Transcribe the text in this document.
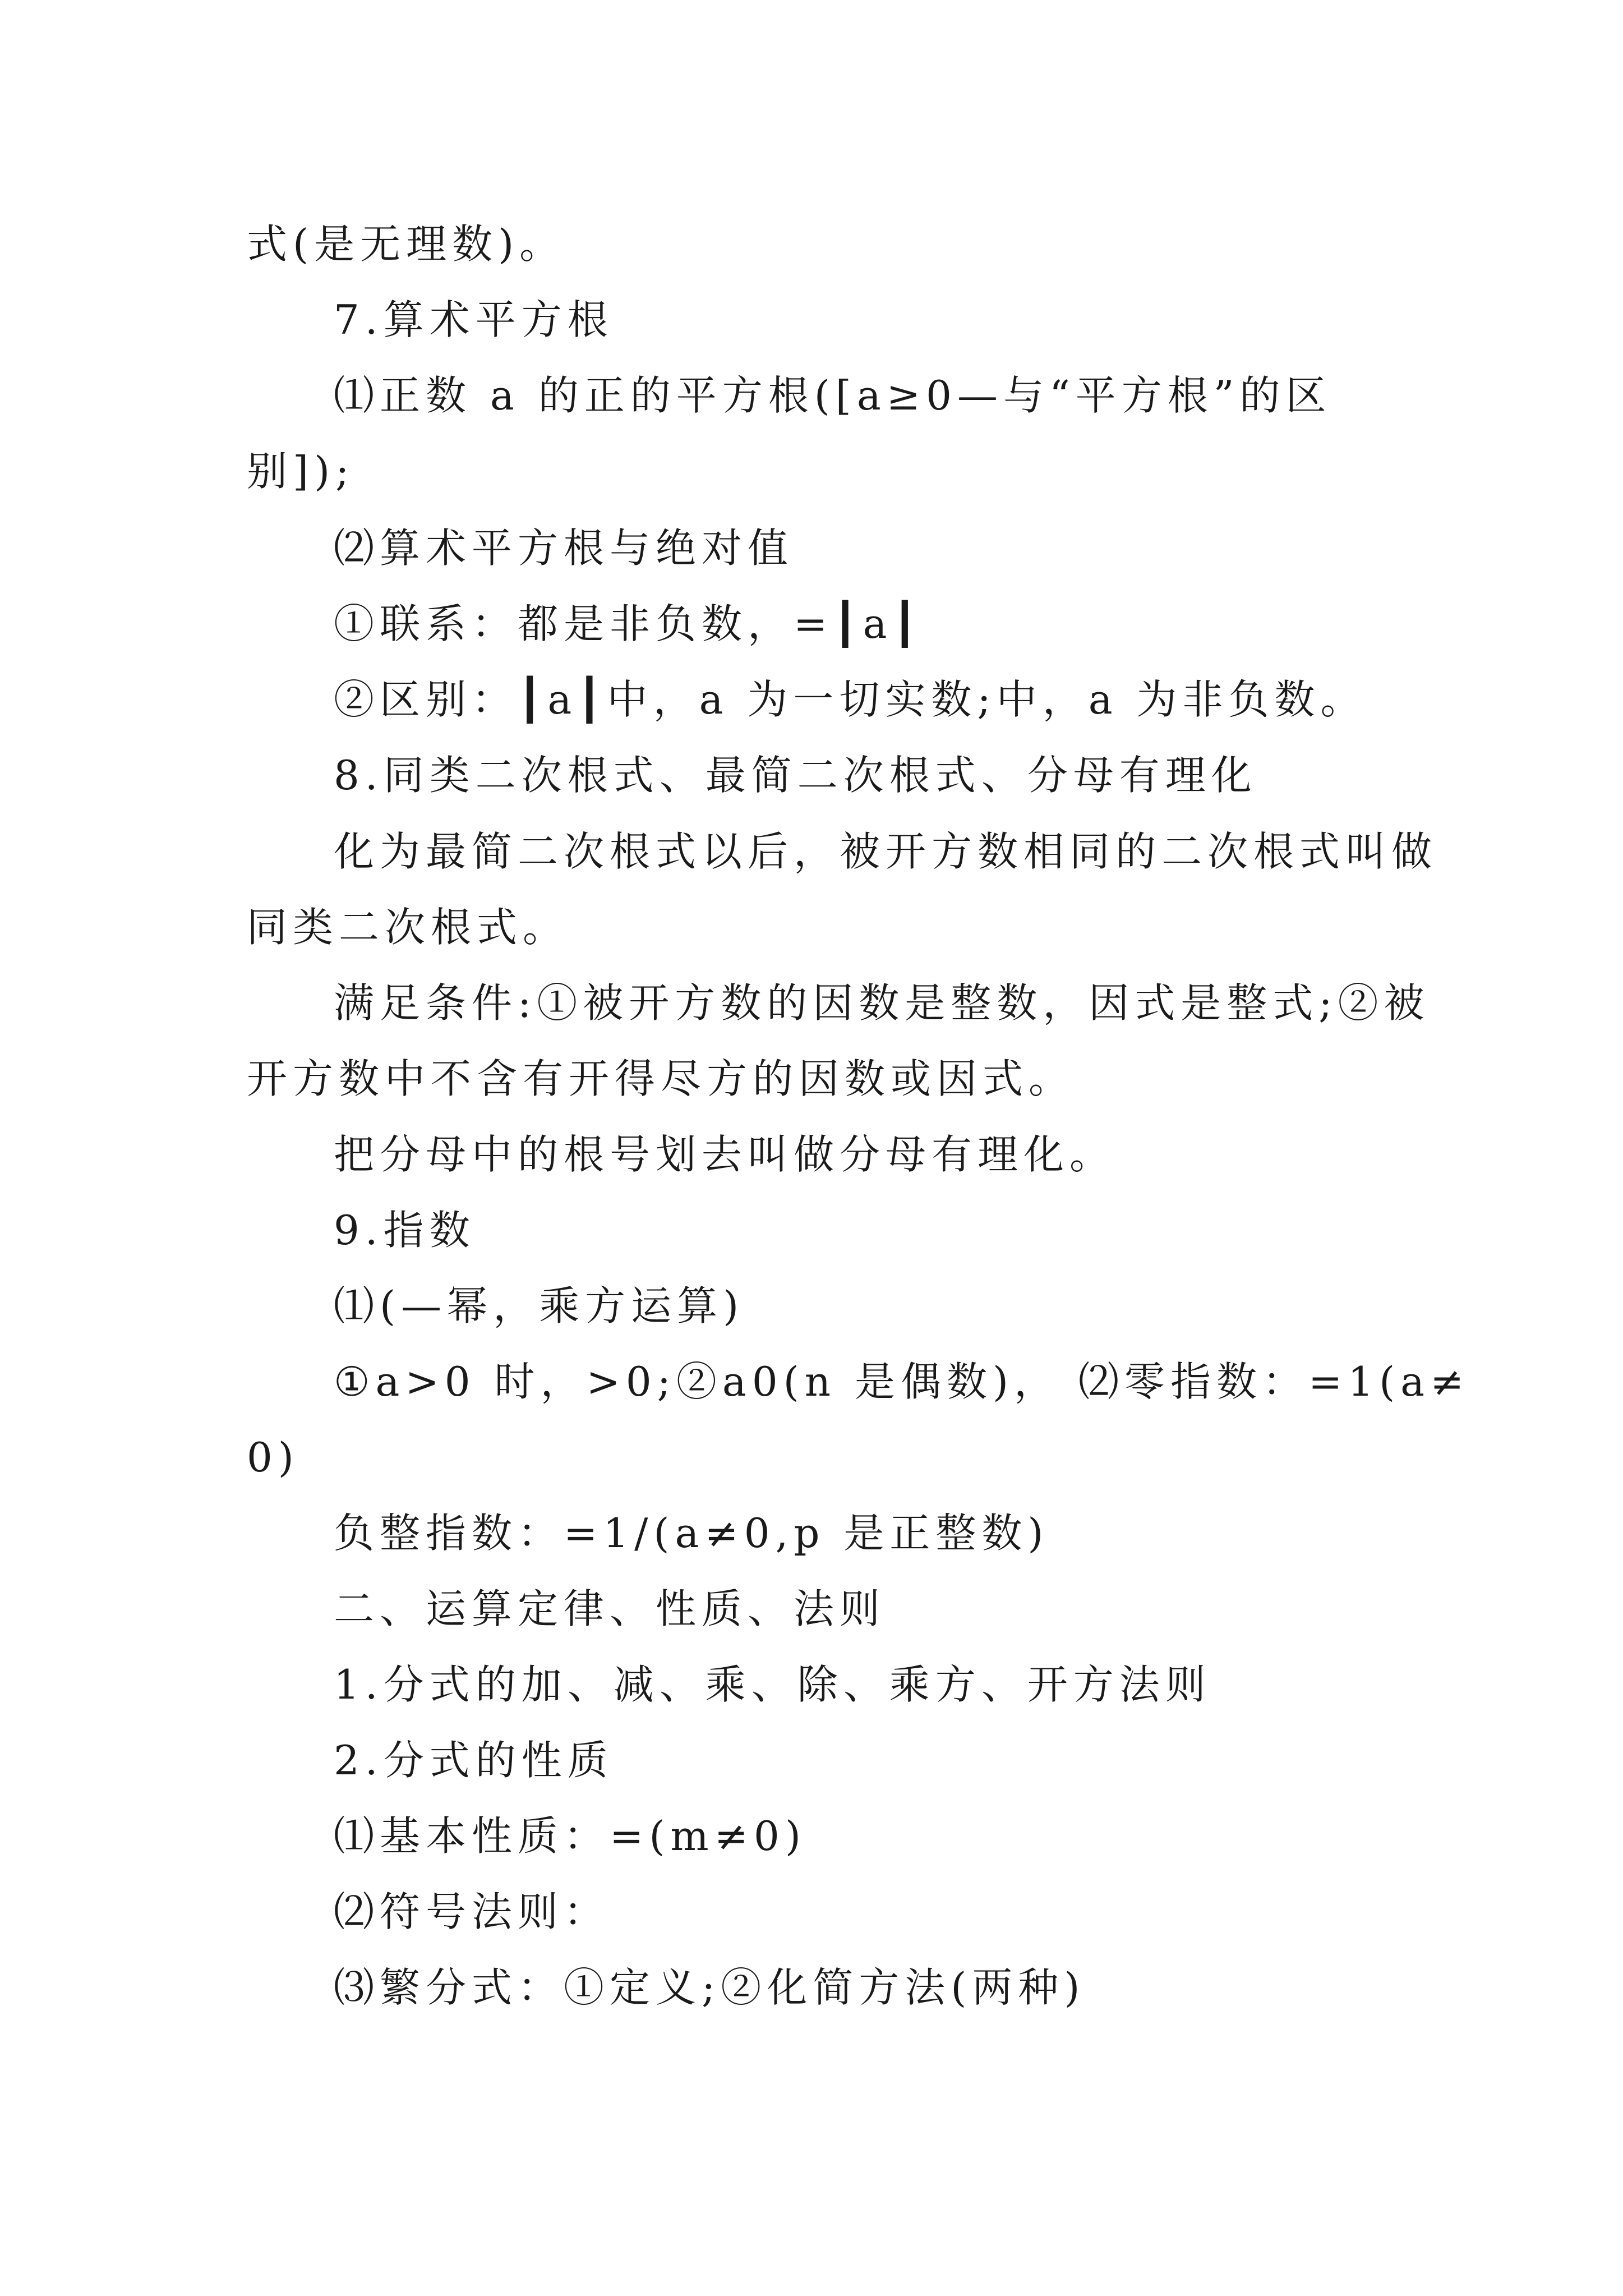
式(是无理数)。
7.算术平方根
⑴正数 a 的正的平方根([a≥0—与“平方根”的区
别]);
⑵算术平方根与绝对值
①联系：都是非负数，=┃a┃
②区别：┃a┃中，a 为一切实数;中，a 为非负数。
8.同类二次根式、最简二次根式、分母有理化
化为最简二次根式以后，被开方数相同的二次根式叫做
同类二次根式。
满足条件:①被开方数的因数是整数，因式是整式;②被
开方数中不含有开得尽方的因数或因式。
把分母中的根号划去叫做分母有理化。
9.指数
⑴(—幂，乘方运算)
①a>0 时，>0;②a0(n 是偶数)， ⑵零指数：=1(a≠
0)
负整指数：=1/(a≠0,p 是正整数)
二、运算定律、性质、法则
1.分式的加、减、乘、除、乘方、开方法则
2.分式的性质
⑴基本性质：=(m≠0)
⑵符号法则：
⑶繁分式：①定义;②化简方法(两种)
